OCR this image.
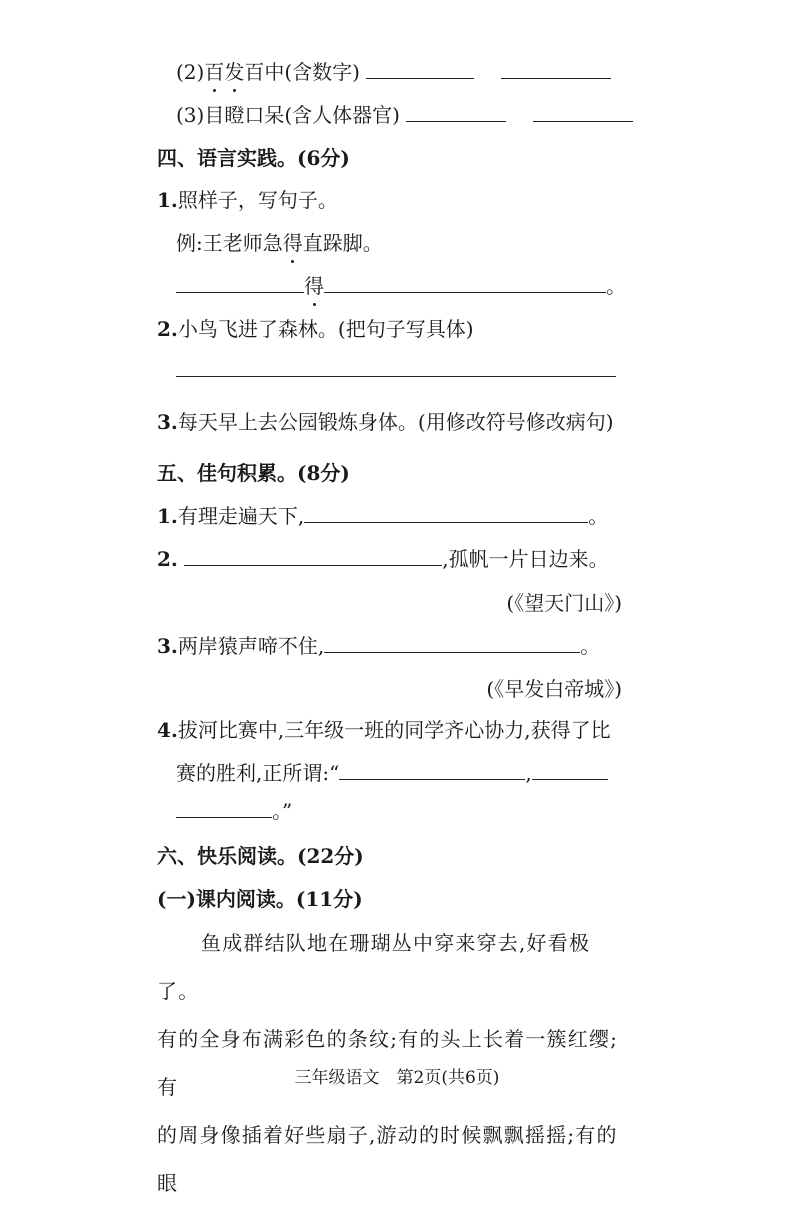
(2)百发百中(含数字)
(3)目瞪口呆(含人体器官)
四、语言实践。(6分)
1.照样子，写句子。
例:王老师急得直跺脚。
得	。
2.小鸟飞进了森林。(把句子写具体)
3.每天早上去公园锻炼身体。(用修改符号修改病句)
五、佳句积累。(8分)
1.有理走遍天下,	。
2.	,孤帆一片日边来。
(《望天门山》)
3.两岸猿声啼不住,	。
(《早发白帝城》)
4.拔河比赛中,三年级一班的同学齐心协力,获得了比
赛的胜利,正所谓:“	,
。”
六、快乐阅读。(22分)
(一)课内阅读。(11分)
鱼成群结队地在珊瑚丛中穿来穿去,好看极了。
有的全身布满彩色的条纹;有的头上长着一簇红缨;有
的周身像插着好些扇子,游动的时候飘飘摇摇;有的眼
三年级语文　第2页(共6页)
